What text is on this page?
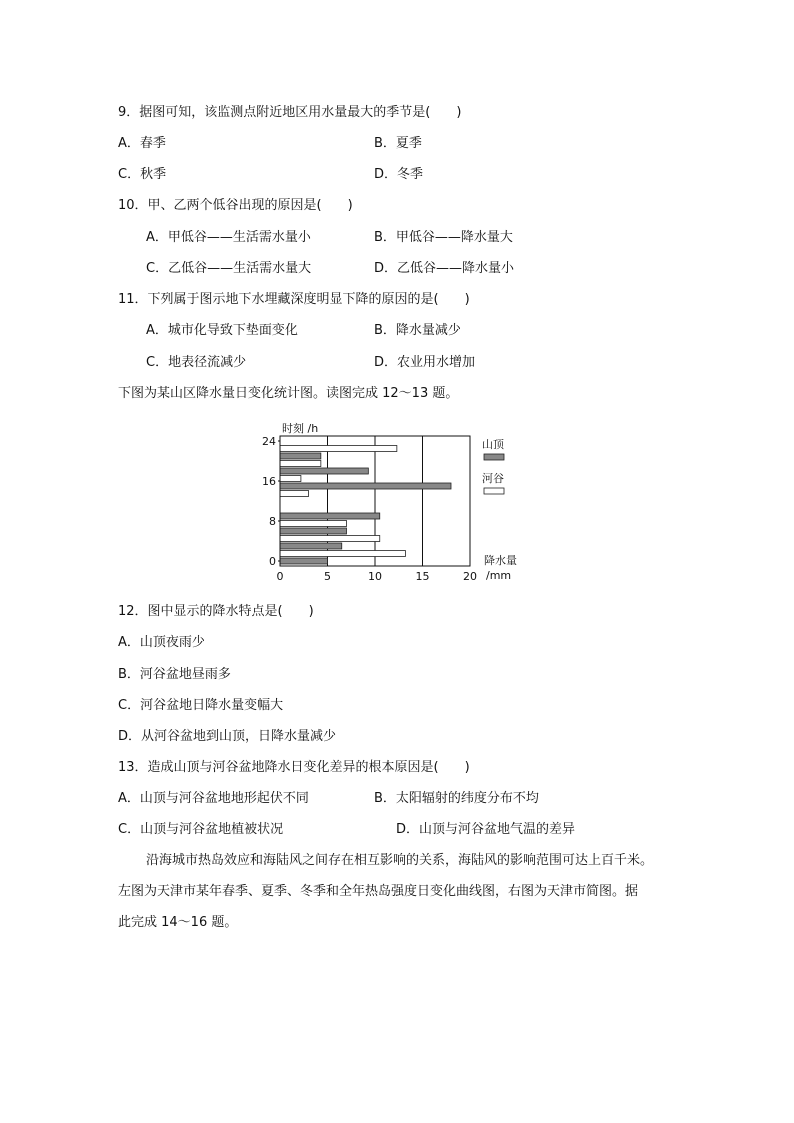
9．据图可知，该监测点附近地区用水量最大的季节是(　　)
A．春季	B．夏季
C．秋季	D．冬季
10．甲、乙两个低谷出现的原因是(　　)
A．甲低谷——生活需水量小	B．甲低谷——降水量大
C．乙低谷——生活需水量大	D．乙低谷——降水量小
11．下列属于图示地下水埋藏深度明显下降的原因的是(　　)
A．城市化导致下垫面变化	B．降水量减少
C．地表径流减少	D．农业用水增加
下图为某山区降水量日变化统计图。读图完成 12～13 题。
时刻 /h
0	5	10	15	20
24
16
8
0
山顶
河谷
降水量
/mm
12．图中显示的降水特点是(　　)
A．山顶夜雨少
B．河谷盆地昼雨多
C．河谷盆地日降水量变幅大
D．从河谷盆地到山顶，日降水量减少
13．造成山顶与河谷盆地降水日变化差异的根本原因是(　　)
A．山顶与河谷盆地地形起伏不同	B．太阳辐射的纬度分布不均
C．山顶与河谷盆地植被状况	D．山顶与河谷盆地气温的差异
沿海城市热岛效应和海陆风之间存在相互影响的关系，海陆风的影响范围可达上百千米。
左图为天津市某年春季、夏季、冬季和全年热岛强度日变化曲线图，右图为天津市简图。据
此完成 14～16 题。
